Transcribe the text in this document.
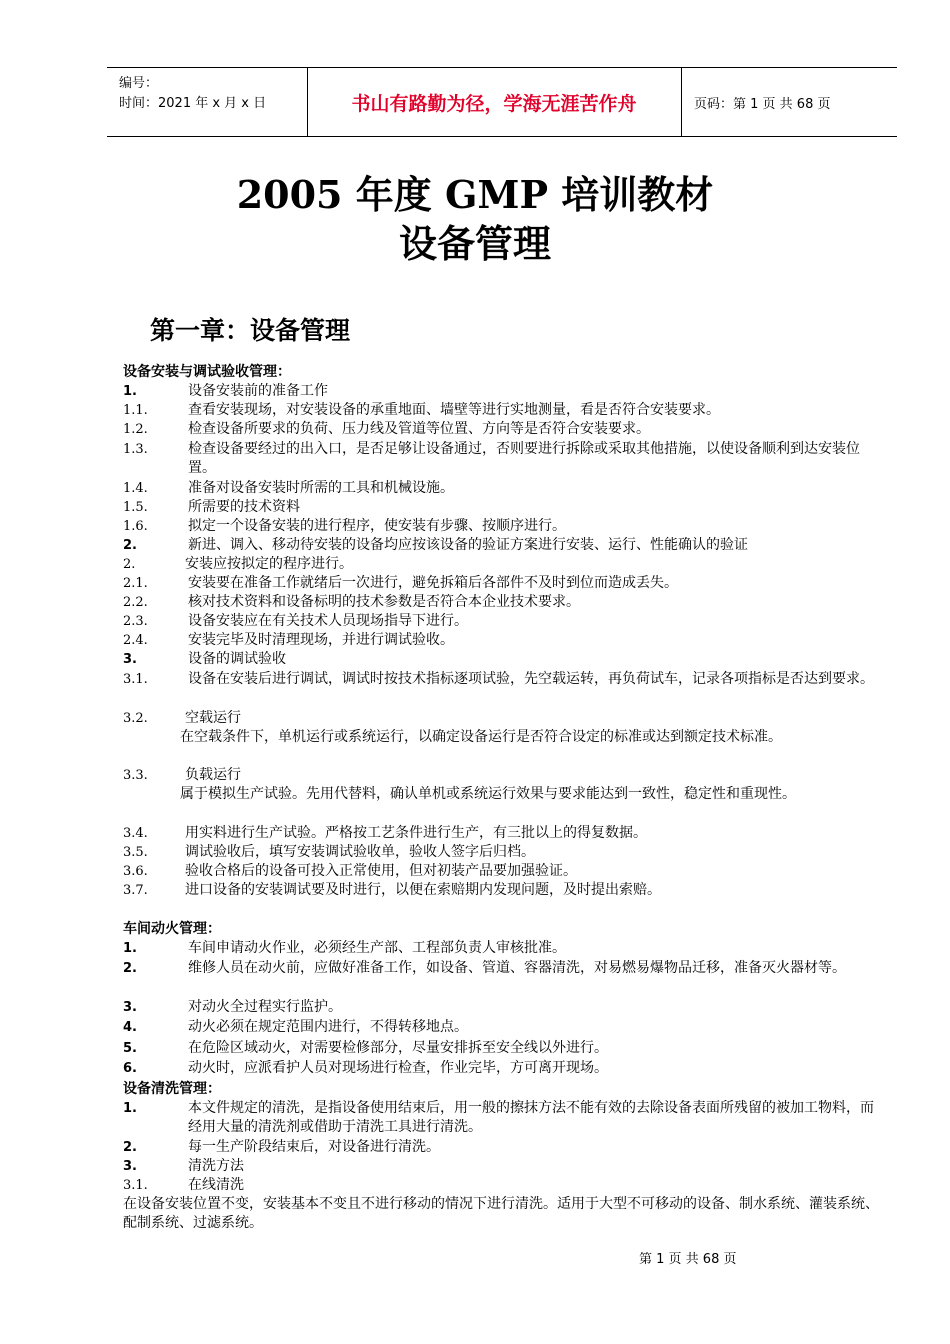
编号：
时间：2021 年 x 月 x 日	书山有路勤为径，学海无涯苦作舟	页码：第 1 页 共 68 页
2005 年度 GMP 培训教材
设备管理
第一章：设备管理
设备安装与调试验收管理：
1.	设备安装前的准备工作
1.1.	查看安装现场，对安装设备的承重地面、墙壁等进行实地测量，看是否符合安装要求。
1.2.	检查设备所要求的负荷、压力线及管道等位置、方向等是否符合安装要求。
1.3.	检查设备要经过的出入口，是否足够让设备通过，否则要进行拆除或采取其他措施，以使设备顺利到达安装位置。
1.4.	准备对设备安装时所需的工具和机械设施。
1.5.	所需要的技术资料
1.6.	拟定一个设备安装的进行程序，使安装有步骤、按顺序进行。
2.	新进、调入、移动待安装的设备均应按该设备的验证方案进行安装、运行、性能确认的验证
2.	安装应按拟定的程序进行。
2.1.	安装要在准备工作就绪后一次进行，避免拆箱后各部件不及时到位而造成丢失。
2.2.	核对技术资料和设备标明的技术参数是否符合本企业技术要求。
2.3.	设备安装应在有关技术人员现场指导下进行。
2.4.	安装完毕及时清理现场，并进行调试验收。
3.	设备的调试验收
3.1.	设备在安装后进行调试，调试时按技术指标逐项试验，先空载运转，再负荷试车，记录各项指标是否达到要求。
3.2.	空载运行
在空载条件下，单机运行或系统运行，以确定设备运行是否符合设定的标准或达到额定技术标准。
3.3.	负载运行
属于模拟生产试验。先用代替料，确认单机或系统运行效果与要求能达到一致性，稳定性和重现性。
3.4.	用实料进行生产试验。严格按工艺条件进行生产，有三批以上的得复数据。
3.5.	调试验收后，填写安装调试验收单，验收人签字后归档。
3.6.	验收合格后的设备可投入正常使用，但对初装产品要加强验证。
3.7.	进口设备的安装调试要及时进行，以便在索赔期内发现问题，及时提出索赔。
车间动火管理：
1.	车间申请动火作业，必须经生产部、工程部负责人审核批准。
2.	维修人员在动火前，应做好准备工作，如设备、管道、容器清洗，对易燃易爆物品迁移，准备灭火器材等。
3.	对动火全过程实行监护。
4.	动火必须在规定范围内进行，不得转移地点。
5.	在危险区域动火，对需要检修部分，尽量安排拆至安全线以外进行。
6.	动火时，应派看护人员对现场进行检查，作业完毕，方可离开现场。
设备清洗管理：
1.	本文件规定的清洗，是指设备使用结束后，用一般的擦抹方法不能有效的去除设备表面所残留的被加工物料，而经用大量的清洗剂或借助于清洗工具进行清洗。
2.	每一生产阶段结束后，对设备进行清洗。
3.	清洗方法
3.1.	在线清洗
在设备安装位置不变，安装基本不变且不进行移动的情况下进行清洗。适用于大型不可移动的设备、制水系统、灌装系统、配制系统、过滤系统。
第 1 页 共 68 页
